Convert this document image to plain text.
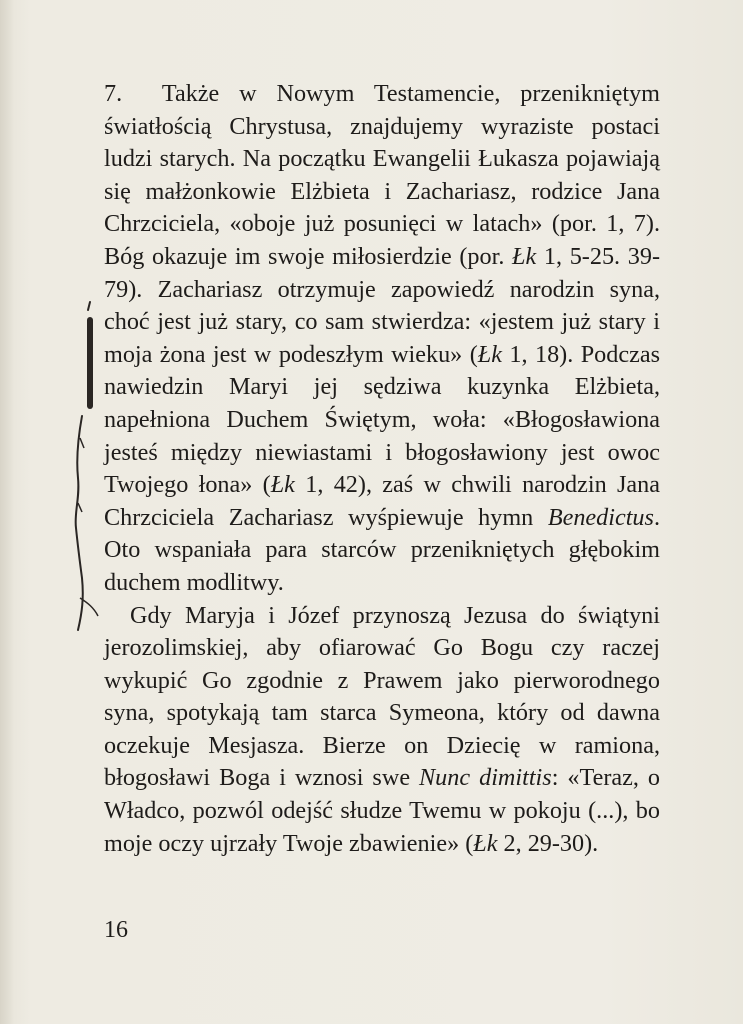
7. Także w Nowym Testamencie, przenikniętym światłością Chrystusa, znajdujemy wyraziste postaci ludzi starych. Na początku Ewangelii Łukasza pojawiają się małżonkowie Elżbieta i Zachariasz, rodzice Jana Chrzciciela, «oboje już posunięci w latach» (por. 1, 7). Bóg okazuje im swoje miłosierdzie (por. Łk 1, 5-25. 39-79). Zachariasz otrzymuje zapowiedź narodzin syna, choć jest już stary, co sam stwierdza: «jestem już stary i moja żona jest w podeszłym wieku» (Łk 1, 18). Podczas nawiedzin Maryi jej sędziwa kuzynka Elżbieta, napełniona Duchem Świętym, woła: «Błogosławiona jesteś między niewiastami i błogosławiony jest owoc Twojego łona» (Łk 1, 42), zaś w chwili narodzin Jana Chrzciciela Zachariasz wyśpiewuje hymn Benedictus. Oto wspaniała para starców przenikniętych głębokim duchem modlitwy.

Gdy Maryja i Józef przynoszą Jezusa do świątyni jerozolimskiej, aby ofiarować Go Bogu czy raczej wykupić Go zgodnie z Prawem jako pierworodnego syna, spotykają tam starca Symeona, który od dawna oczekuje Mesjasza. Bierze on Dziecię w ramiona, błogosławi Boga i wznosi swe Nunc dimittis: «Teraz, o Władco, pozwól odejść słudze Twemu w pokoju (...), bo moje oczy ujrzały Twoje zbawienie» (Łk 2, 29-30).

16
